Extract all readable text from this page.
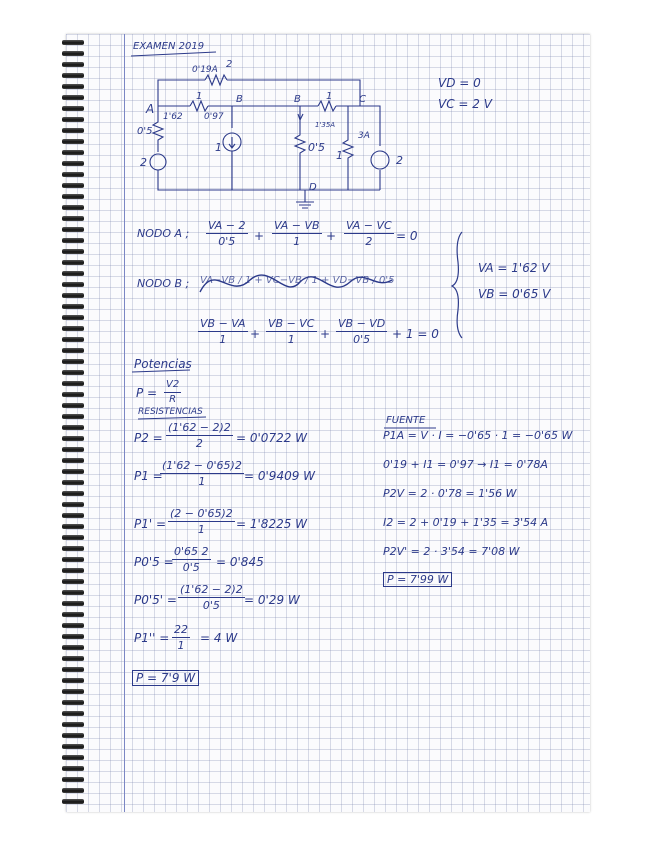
EXAMEN 2019
0'19A 2
A
1
1'62 0'97
B	B	1	C
1'35A
3A
0'5
2
1	0'5
1	2
D
VD = 0
VC = 2 V
NODO A ; $\frac{VA - 2}{0'5} + \frac{VA - VB}{1} + \frac{VA - VC}{2} = 0$
NODO B ; VA−VB / 1 + VC−VB / 1 + VD−VB / 0'5
$\frac{VB - VA}{1} + \frac{VB - VC}{1} + \frac{VB - VD}{0'5} + 1 = 0$
VA = 1'62 V
VB = 0'65 V
Potencias
$P = \frac{V2}{R}$
RESISTENCIAS
$P2 = \frac{(1'62 - 2)2}{2} = 0'0722$ W
P1 =
$\frac{(1'62 - 0'65)2}{1} = 0'9409$ W
$P1' = \frac{(2 - 0'65)2}{1} = 1'8225$ W
P0'5 =
$\frac{0'65 2}{0'5} = 0'845$
$P0'5' = \frac{(1'62 - 2)2}{0'5} = 0'29$ W
$P1'' = \frac{22}{1} = 4$ W
P = 7'9 W
FUENTE
P1A = V · I = −0'65 · 1 = −0'65 W
0'19 + I1 = 0'97 → I1 = 0'78A
P2V = 2 · 0'78 = 1'56 W
I2 = 2 + 0'19 + 1'35 = 3'54 A
P2V' = 2 · 3'54 = 7'08 W
P = 7'99 W
